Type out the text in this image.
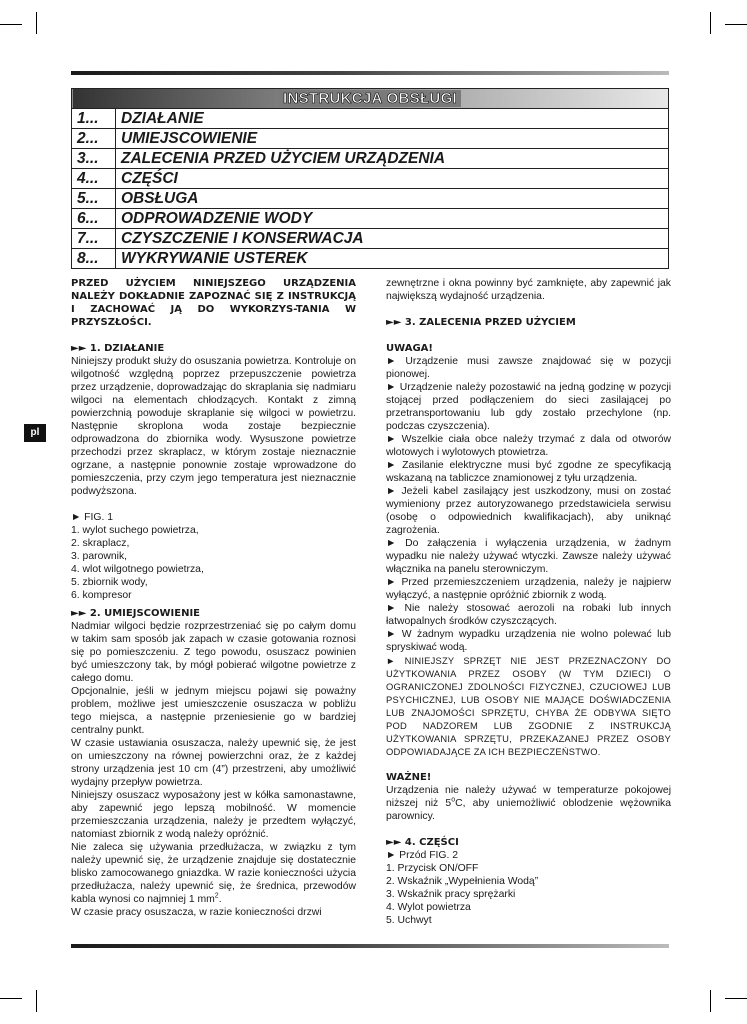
INSTRUKCJA OBSŁUGI	
1...	DZIAŁANIE
2...	UMIEJSCOWIENIE
3...	ZALECENIA PRZED UŻYCIEM URZĄDZENIA
4...	CZĘŚCI
5...	OBSŁUGA
6...	ODPROWADZENIE WODY
7...	CZYSZCZENIE I KONSERWACJA
8...	WYKRYWANIE USTEREK
pl

PRZED UŻYCIEM NINIEJSZEGO URZĄDZENIA NALEŻY DOKŁADNIE ZAPOZNAĆ SIĘ Z INSTRUKCJĄ I ZACHOWAĆ JĄ DO WYKORZYS-TANIA W PRZYSZŁOŚCI.

►► 1. DZIAŁANIE

Niniejszy produkt służy do osuszania powietrza. Kontroluje on wilgotność względną poprzez przepuszczenie powietrza przez urządzenie, doprowadzając do skraplania się nadmiaru wilgoci na elementach chłodzących. Kontakt z zimną powierzchnią powoduje skraplanie się wilgoci w powietrzu. Następnie skroplona woda zostaje bezpiecznie odprowadzona do zbiornika wody. Wysuszone powietrze przechodzi przez skraplacz, w którym zostaje nieznacznie ogrzane, a następnie ponownie zostaje wprowadzone do pomieszczenia, przy czym jego temperatura jest nieznacznie podwyższona.

► FIG. 1

1. wylot suchego powietrza,

2. skraplacz,

3. parownik,

4. wlot wilgotnego powietrza,

5. zbiornik wody,

6. kompresor

►► 2. UMIEJSCOWIENIE

Nadmiar wilgoci będzie rozprzestrzeniać się po całym domu w takim sam sposób jak zapach w czasie gotowania roznosi się po pomieszczeniu. Z tego powodu, osuszacz powinien być umieszczony tak, by mógł pobierać wilgotne powietrze z całego domu.

Opcjonalnie, jeśli w jednym miejscu pojawi się poważny problem, możliwe jest umieszczenie osuszacza w pobliżu tego miejsca, a następnie przeniesienie go w bardziej centralny punkt.

W czasie ustawiania osuszacza, należy upewnić się, że jest on umieszczony na równej powierzchni oraz, że z każdej strony urządzenia jest 10 cm (4”) przestrzeni, aby umożliwić wydajny przepływ powietrza.

Niniejszy osuszacz wyposażony jest w kółka samonastawne, aby zapewnić jego lepszą mobilność. W momencie przemieszczania urządzenia, należy je przedtem wyłączyć, natomiast zbiornik z wodą należy opróżnić.

Nie zaleca się używania przedłużacza, w związku z tym należy upewnić się, że urządzenie znajduje się dostatecznie blisko zamocowanego gniazdka. W razie konieczności użycia przedłużacza, należy upewnić się, że średnica, przewodów kabla wynosi co najmniej 1 $mm^2$.

W czasie pracy osuszacza, w razie konieczności drzwi

zewnętrzne i okna powinny być zamknięte, aby zapewnić jak największą wydajność urządzenia.

►► 3. ZALECENIA PRZED UŻYCIEM

UWAGA!

► Urządzenie musi zawsze znajdować się w pozycji pionowej.

► Urządzenie należy pozostawić na jedną godzinę w pozycji stojącej przed podłączeniem do sieci zasilającej po przetransportowaniu lub gdy zostało przechylone (np. podczas czyszczenia).

► Wszelkie ciała obce należy trzymać z dala od otworów wlotowych i wylotowych ptowietrza.

► Zasilanie elektryczne musi być zgodne ze specyfikacją wskazaną na tabliczce znamionowej z tyłu urządzenia.

► Jeżeli kabel zasilający jest uszkodzony, musi on zostać wymieniony przez autoryzowanego przedstawiciela serwisu (osobę o odpowiednich kwalifikacjach), aby uniknąć zagrożenia.

► Do załączenia i wyłączenia urządzenia, w żadnym wypadku nie należy używać wtyczki. Zawsze należy używać włącznika na panelu sterowniczym.

► Przed przemieszczeniem urządzenia, należy je najpierw wyłączyć, a następnie opróżnić zbiornik z wodą.

► Nie należy stosować aerozoli na robaki lub innych łatwopalnych środków czyszczących.

► W żadnym wypadku urządzenia nie wolno polewać lub spryskiwać wodą.

► NINIEJSZY SPRZĘT NIE JEST PRZEZNACZONY DO UŻYTKOWANIA PRZEZ OSOBY (W TYM DZIECI) O OGRANICZONEJ ZDOLNOŚCI FIZYCZNEJ, CZUCIOWEJ LUB PSYCHICZNEJ, LUB OSOBY NIE MAJĄCE DOŚWIADCZENIA LUB ZNAJOMOŚCI SPRZĘTU, CHYBA ŻE ODBYWA SIĘTO POD NADZOREM LUB ZGODNIE Z INSTRUKCJĄ UŻYTKOWANIA SPRZĘTU, PRZEKAZANEJ PRZEZ OSOBY ODPOWIADAJĄCE ZA ICH BEZPIECZEŃSTWO.

WAŻNE!

Urządzenia nie należy używać w temperaturze pokojowej niższej niż 5$^o$C, aby uniemożliwić oblodzenie wężownika parownicy.

►► 4. CZĘŚCI

► Przód FIG. 2

1. Przycisk ON/OFF

2. Wskaźnik „Wypełnienia Wodą”

3. Wskaźnik pracy sprężarki

4. Wylot powietrza

5. Uchwyt
